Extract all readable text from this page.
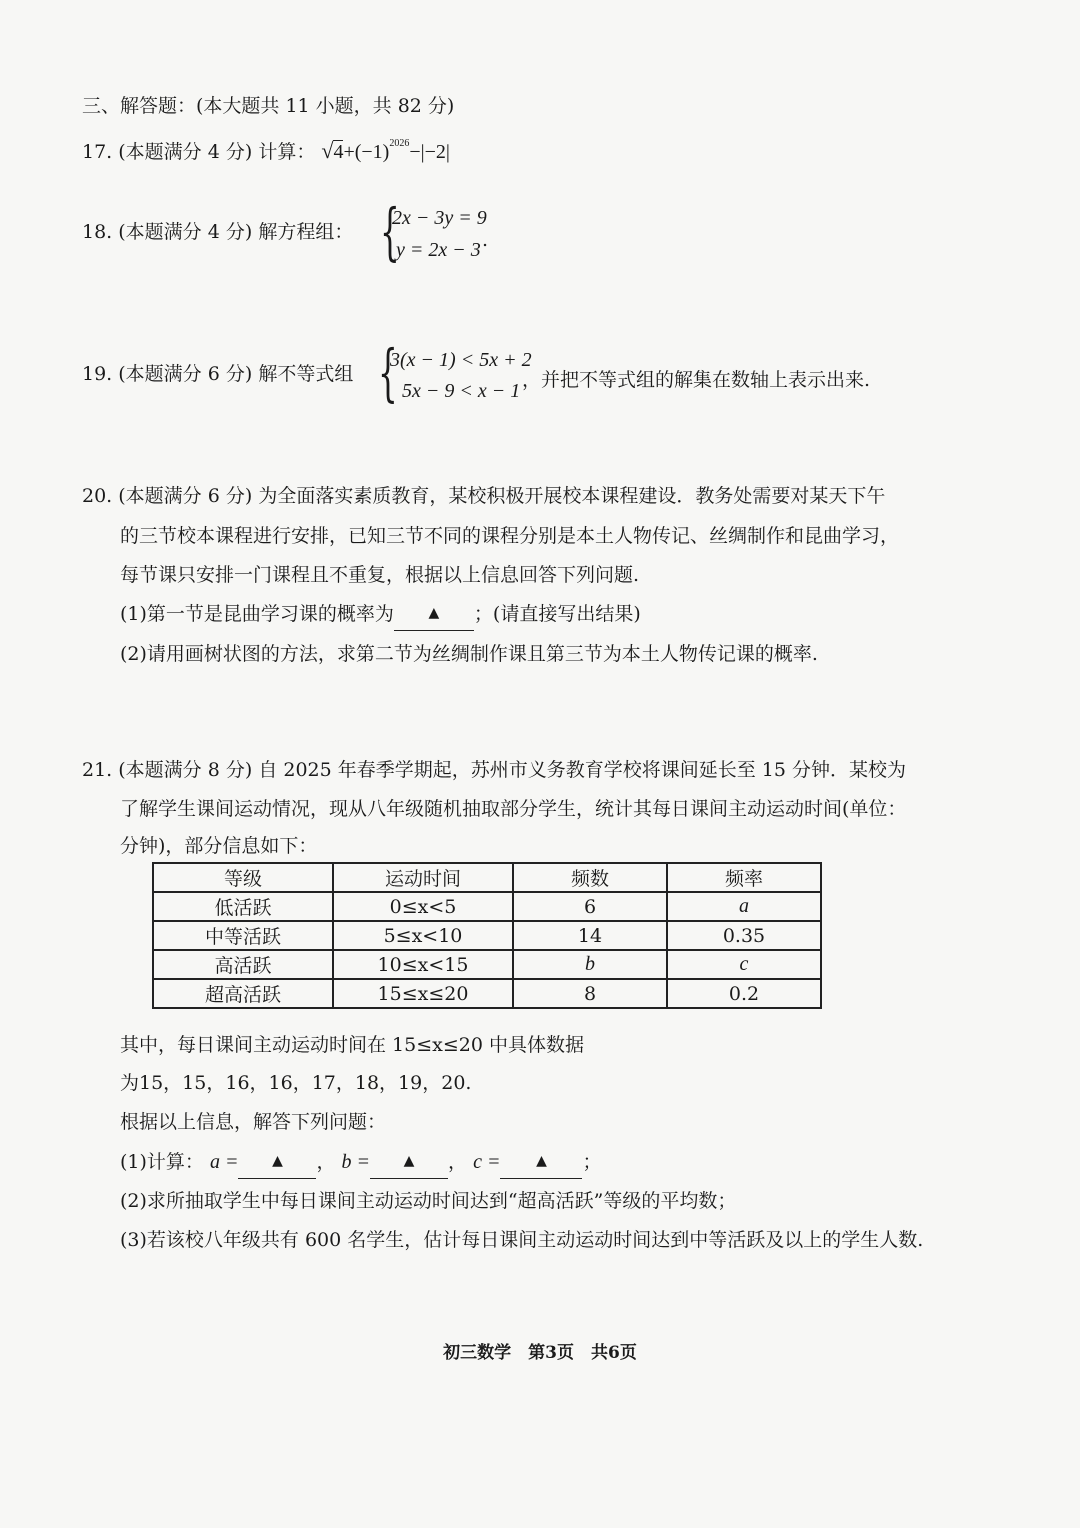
三、解答题：(本大题共 11 小题，共 82 分)
17. (本题满分 4 分) 计算： $√4+(-1)^{2026}-|-2|$
18. (本题满分 4 分) 解方程组： {
2x − 3y = 9
y = 2x − 3 .
19. (本题满分 6 分) 解不等式组 {
3(x − 1) < 5x + 2
5x − 9 < x − 1 ，并把不等式组的解集在数轴上表示出来.
20. (本题满分 6 分) 为全面落实素质教育，某校积极开展校本课程建设．教务处需要对某天下午
的三节校本课程进行安排，已知三节不同的课程分别是本土人物传记、丝绸制作和昆曲学习，
每节课只安排一门课程且不重复，根据以上信息回答下列问题.
(1)第一节是昆曲学习课的概率为 ▲ ；(请直接写出结果)
(2)请用画树状图的方法，求第二节为丝绸制作课且第三节为本土人物传记课的概率.
21. (本题满分 8 分) 自 2025 年春季学期起，苏州市义务教育学校将课间延长至 15 分钟．某校为
了解学生课间运动情况，现从八年级随机抽取部分学生，统计其每日课间主动运动时间(单位：
分钟)，部分信息如下：
等级	运动时间	频数	频率
低活跃	0≤x<5	6	a
中等活跃	5≤x<10	14	0.35
高活跃	10≤x<15	b	c
超高活跃	15≤x≤20	8	0.2
其中，每日课间主动运动时间在 15≤x≤20 中具体数据
为15，15，16，16，17，18，19，20.
根据以上信息，解答下列问题：
(1)计算： a = ▲ ， b = ▲ ， c =	▲ ；
(2)求所抽取学生中每日课间主动运动时间达到“超高活跃”等级的平均数；
(3)若该校八年级共有 600 名学生，估计每日课间主动运动时间达到中等活跃及以上的学生人数.
初三数学　第3页　共6页
